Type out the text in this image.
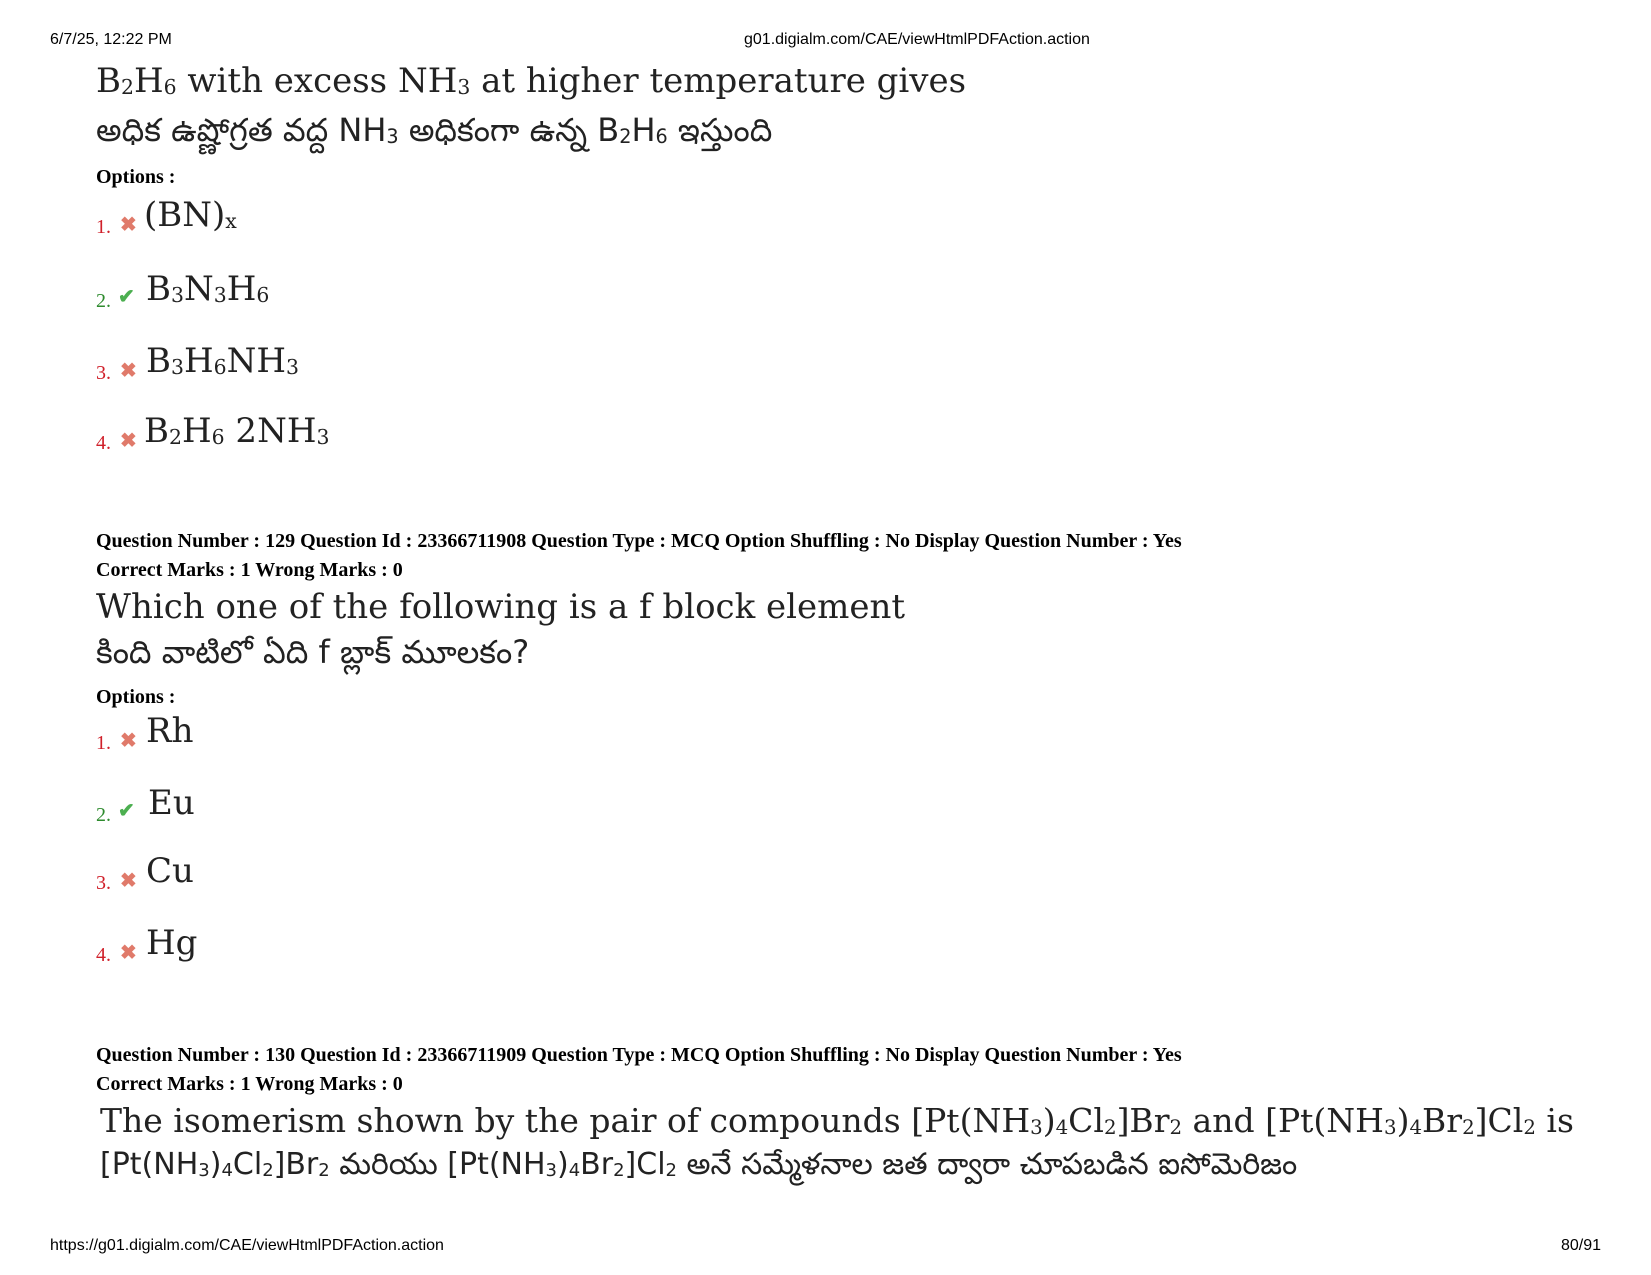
6/7/25, 12:22 PM	g01.digialm.com/CAE/viewHtmlPDFAction.action
$B_2H_6$ with excess $NH_3$ at higher temperature gives
అధిక ఉష్ణోగ్రత వద్ద $NH_3$ అధికంగా ఉన్న $B_2H_6$ ఇస్తుంది
Options :
1. ✖ $(BN)_x$
2. ✔ $B_3N_3H_6$
3. ✖ $B_3H_6NH_3$
4. ✖ $B_2H_6$ $2NH_3$
Question Number : 129 Question Id : 23366711908 Question Type : MCQ Option Shuffling : No Display Question Number : Yes
Correct Marks : 1 Wrong Marks : 0
Which one of the following is a f block element
కింది వాటిలో ఏది f బ్లాక్ మూలకం?
Options :
1. ✖ Rh
2. ✔ Eu
3. ✖ Cu
4. ✖ Hg
Question Number : 130 Question Id : 23366711909 Question Type : MCQ Option Shuffling : No Display Question Number : Yes
Correct Marks : 1 Wrong Marks : 0
The isomerism shown by the pair of compounds $[Pt(NH_3)_4Cl_2]Br_2$ and $[Pt(NH_3)_4Br_2]Cl_2$ is
$[Pt(NH_3)_4Cl_2]Br_2$ మరియు $[Pt(NH_3)_4Br_2]Cl_2$ అనే సమ్మేళనాల జత ద్వారా చూపబడిన ఐసోమెరిజం
https://g01.digialm.com/CAE/viewHtmlPDFAction.action	80/91
